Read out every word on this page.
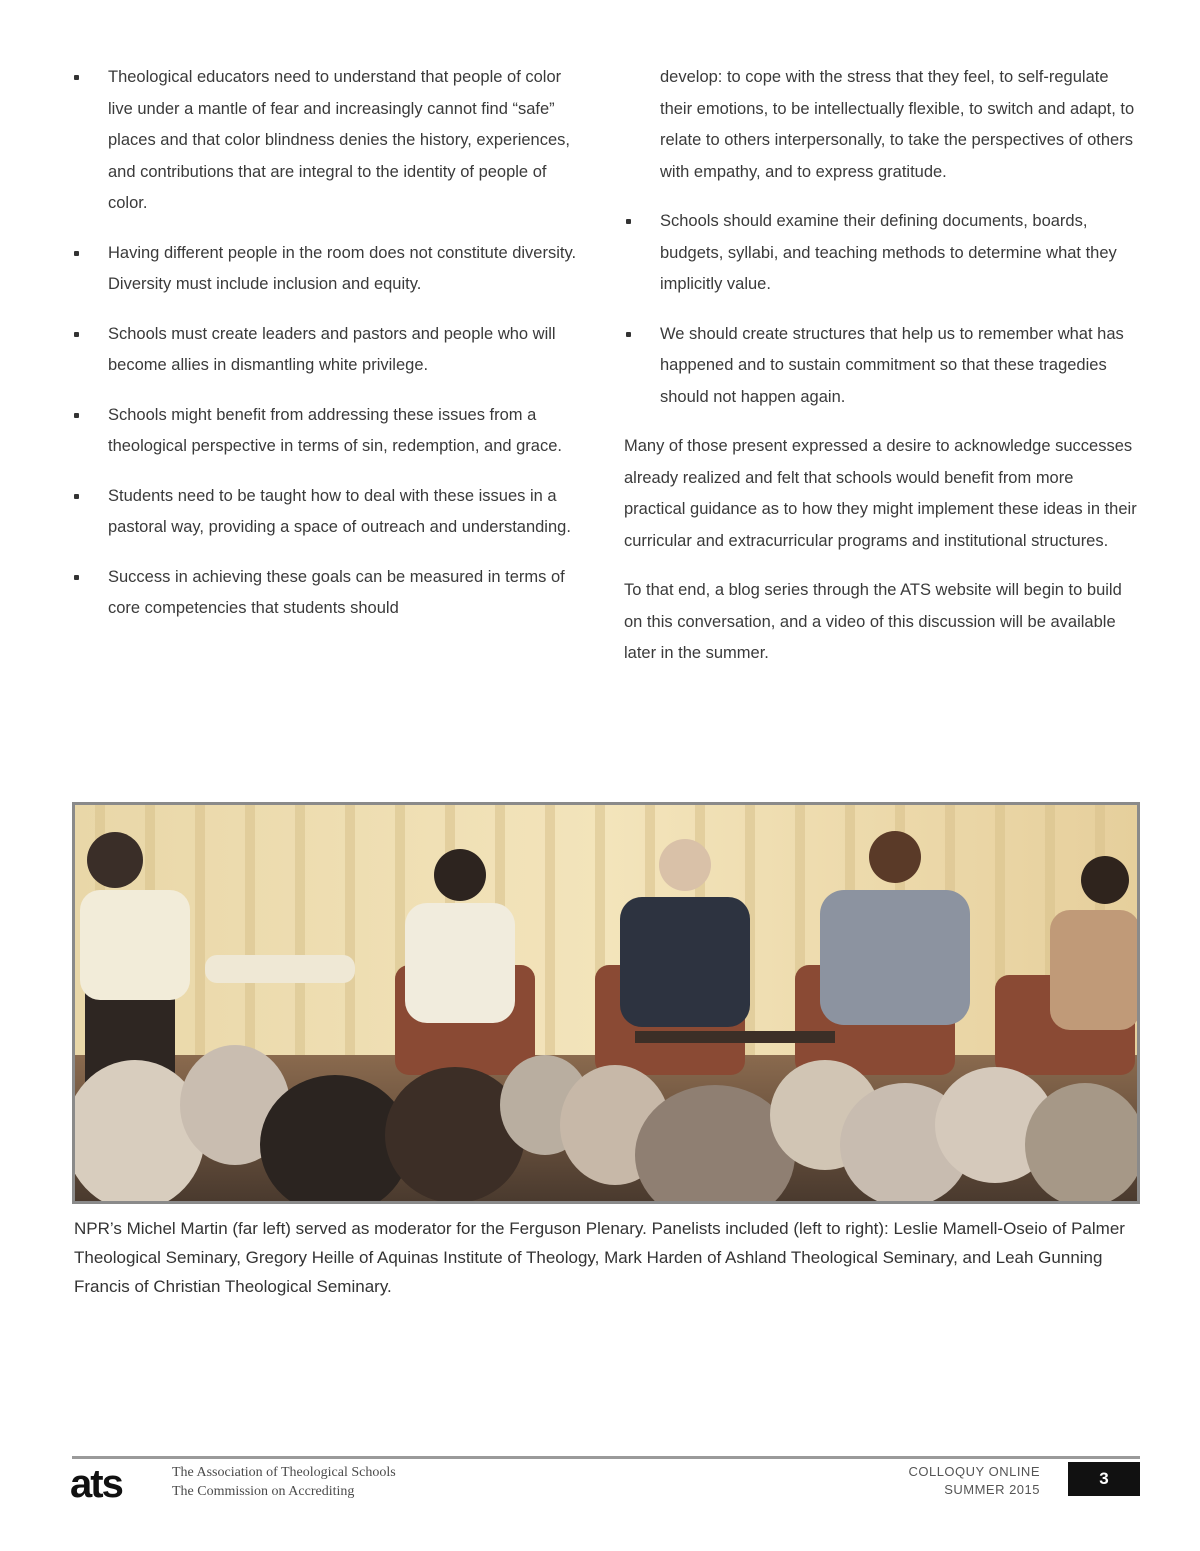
Theological educators need to understand that people of color live under a mantle of fear and increasingly cannot find “safe” places and that color blindness denies the history, experiences, and contributions that are integral to the identity of people of color.
Having different people in the room does not constitute diversity. Diversity must include inclusion and equity.
Schools must create leaders and pastors and people who will become allies in dismantling white privilege.
Schools might benefit from addressing these issues from a theological perspective in terms of sin, redemption, and grace.
Students need to be taught how to deal with these issues in a pastoral way, providing a space of outreach and understanding.
Success in achieving these goals can be measured in terms of core competencies that students should
develop: to cope with the stress that they feel, to self-regulate their emotions, to be intellectually flexible, to switch and adapt, to relate to others interpersonally, to take the perspectives of others with empathy, and to express gratitude.
Schools should examine their defining documents, boards, budgets, syllabi, and teaching methods to determine what they implicitly value.
We should create structures that help us to remember what has happened and to sustain commitment so that these tragedies should not happen again.

Many of those present expressed a desire to acknowledge successes already realized and felt that schools would benefit from more practical guidance as to how they might implement these ideas in their curricular and extracurricular programs and institutional structures.

To that end, a blog series through the ATS website will begin to build on this conversation, and a video of this discussion will be available later in the summer.

NPR’s Michel Martin (far left) served as moderator for the Ferguson Plenary. Panelists included (left to right): Leslie Mamell-Oseio of Palmer Theological Seminary, Gregory Heille of Aquinas Institute of Theology, Mark Harden of Ashland Theological Seminary, and Leah Gunning Francis of Christian Theological Seminary.
ats	The Association of Theological Schools
The Commission on Accrediting
COLLOQUY ONLINE
SUMMER 2015
3
